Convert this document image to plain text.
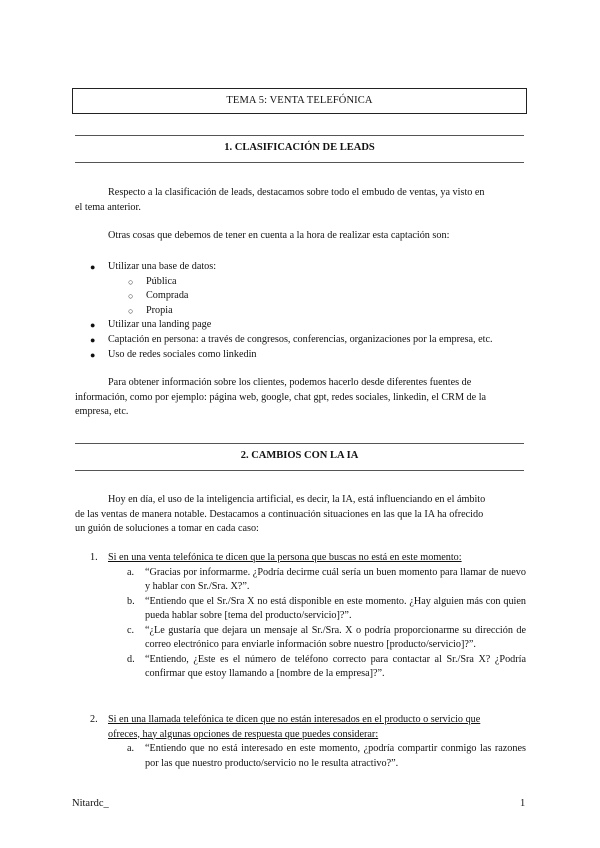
TEMA 5: VENTA TELEFÓNICA
1. CLASIFICACIÓN DE LEADS
Respecto a la clasificación de leads, destacamos sobre todo el embudo de ventas, ya visto en
el tema anterior.
Otras cosas que debemos de tener en cuenta a la hora de realizar esta captación son:
● Utilizar una base de datos:
○ Pública
○ Comprada
○ Propia
● Utilizar una landing page
● Captación en persona: a través de congresos, conferencias, organizaciones por la empresa, etc.
● Uso de redes sociales como linkedin
Para obtener información sobre los clientes, podemos hacerlo desde diferentes fuentes de
información, como por ejemplo: página web, google, chat gpt, redes sociales, linkedin, el CRM de la
empresa, etc.
2. CAMBIOS CON LA IA
Hoy en día, el uso de la inteligencia artificial, es decir, la IA, está influenciando en el ámbito
de las ventas de manera notable. Destacamos a continuación situaciones en las que la IA ha ofrecido
un guión de soluciones a tomar en cada caso:
1. Si en una venta telefónica te dicen que la persona que buscas no está en este momento:
a. “Gracias por informarme. ¿Podría decirme cuál sería un buen momento para llamar de nuevo y hablar con Sr./Sra. X?”.
b. “Entiendo que el Sr./Sra X no está disponible en este momento. ¿Hay alguien más con quien pueda hablar sobre [tema del producto/servicio]?”.
c. “¿Le gustaría que dejara un mensaje al Sr./Sra. X o podría proporcionarme su dirección de correo electrónico para enviarle información sobre nuestro [producto/servicio]?”.
d. “Entiendo, ¿Este es el número de teléfono correcto para contactar al Sr./Sra X? ¿Podría confirmar que estoy llamando a [nombre de la empresa]?”.
2. Si en una llamada telefónica te dicen que no están interesados en el producto o servicio que
ofreces, hay algunas opciones de respuesta que puedes considerar:
a. “Entiendo que no está interesado en este momento, ¿podría compartir conmigo las razones por las que nuestro producto/servicio no le resulta atractivo?”.
Nitardc_	1
